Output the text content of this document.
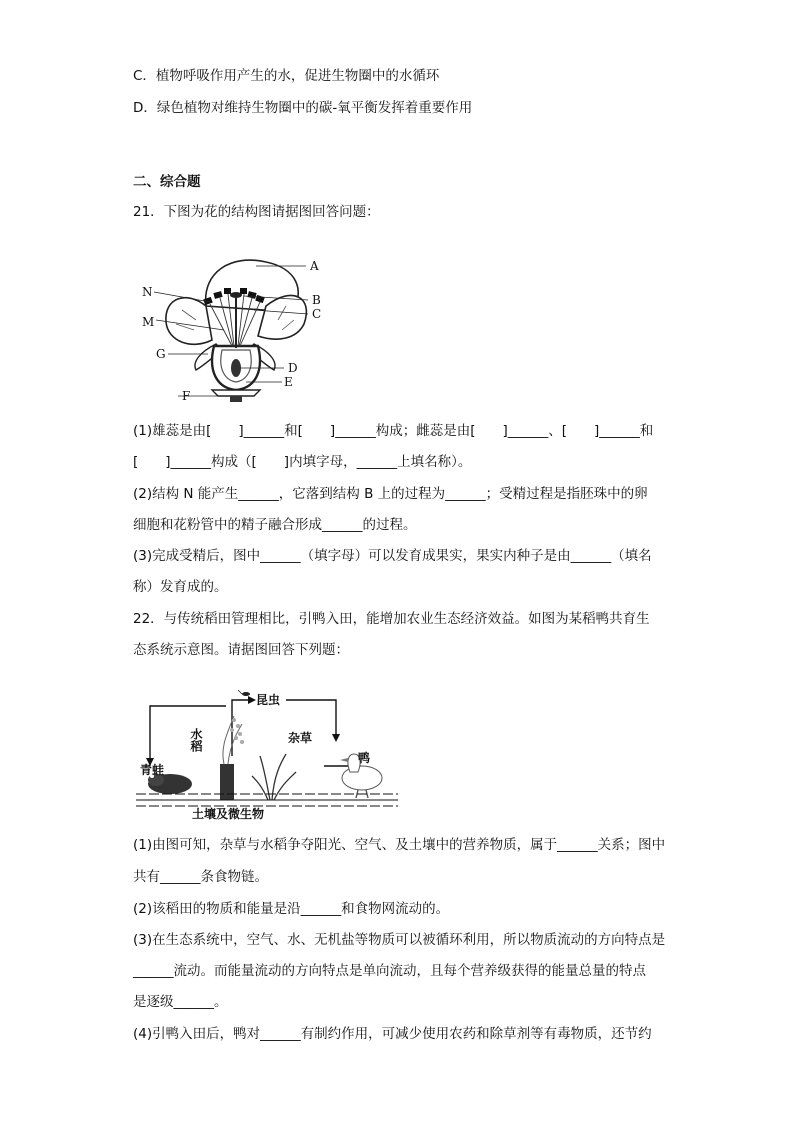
C．植物呼吸作用产生的水，促进生物圈中的水循环
D．绿色植物对维持生物圈中的碳-氧平衡发挥着重要作用
二、综合题
21．下图为花的结构图请据图回答问题：
A
N
B
C
M
G
D
E
F
(1)雄蕊是由[　　]______和[　　]______构成；雌蕊是由[　　]______、[　　]______和
[　　]______构成（[　　]内填字母，______上填名称）。
(2)结构 N 能产生______，它落到结构 B 上的过程为______；受精过程是指胚珠中的卵
细胞和花粉管中的精子融合形成______的过程。
(3)完成受精后，图中______（填字母）可以发育成果实，果实内种子是由______（填名
称）发育成的。
22．与传统稻田管理相比，引鸭入田，能增加农业生态经济效益。如图为某稻鸭共育生
态系统示意图。请据图回答下列题：
昆虫
杂草
青蛙
鸭
土壤及微生物
水稻
(1)由图可知，杂草与水稻争夺阳光、空气、及土壤中的营养物质，属于______关系；图中
共有______条食物链。
(2)该稻田的物质和能量是沿______和食物网流动的。
(3)在生态系统中，空气、水、无机盐等物质可以被循环利用，所以物质流动的方向特点是
______流动。而能量流动的方向特点是单向流动，且每个营养级获得的能量总量的特点
是逐级______。
(4)引鸭入田后，鸭对______有制约作用，可减少使用农药和除草剂等有毒物质，还节约
